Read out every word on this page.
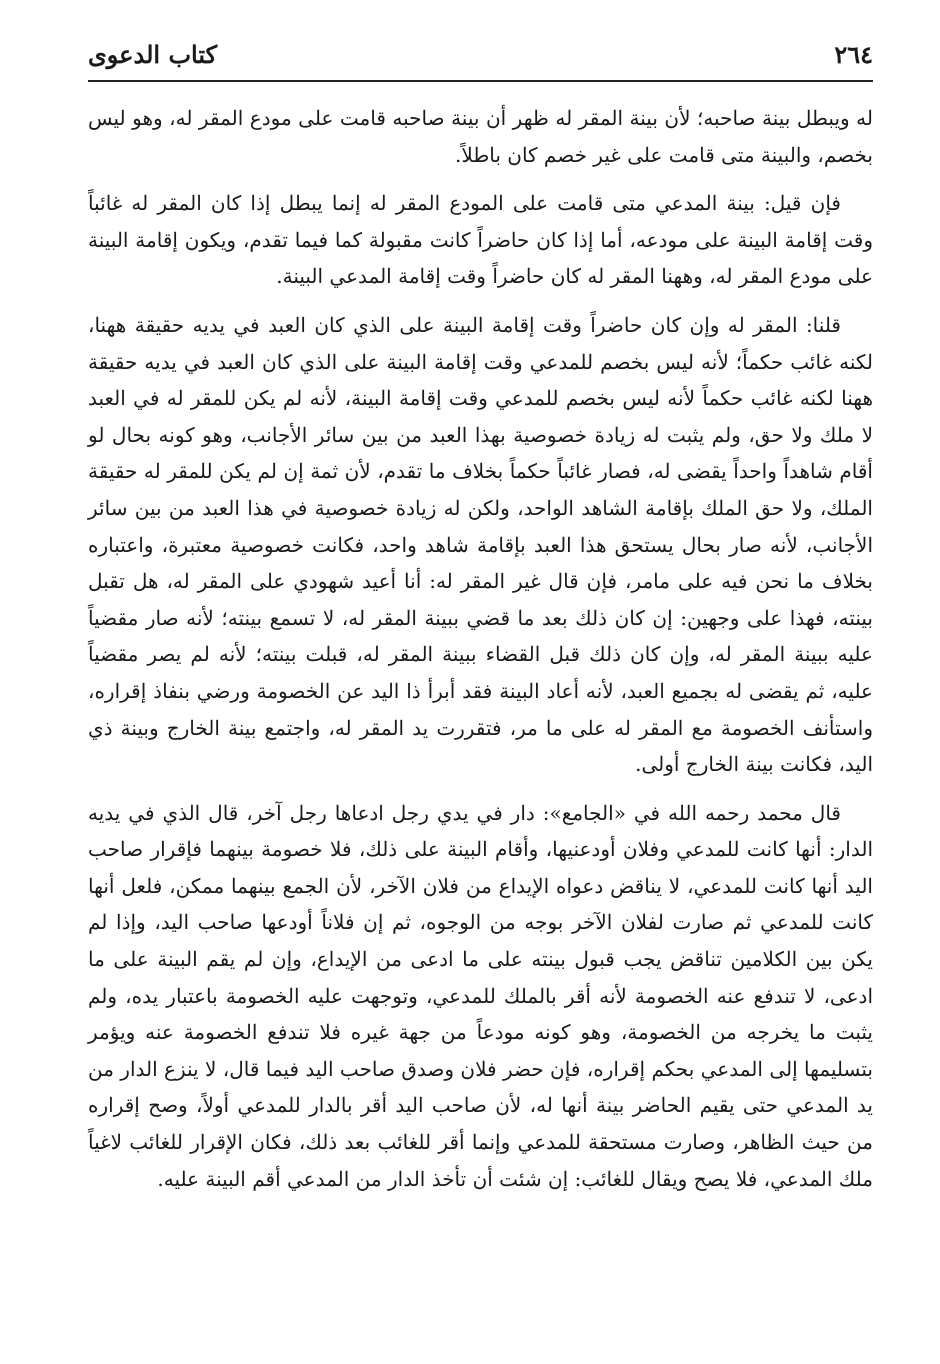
٢٦٤
كتاب الدعوى

له ويبطل بينة صاحبه؛ لأن بينة المقر له ظهر أن بينة صاحبه قامت على مودع المقر له، وهو ليس بخصم، والبينة متى قامت على غير خصم كان باطلاً.

فإن قيل: بينة المدعي متى قامت على المودع المقر له إنما يبطل إذا كان المقر له غائباً وقت إقامة البينة على مودعه، أما إذا كان حاضراً كانت مقبولة كما فيما تقدم، ويكون إقامة البينة على مودع المقر له، وههنا المقر له كان حاضراً وقت إقامة المدعي البينة.

قلنا: المقر له وإن كان حاضراً وقت إقامة البينة على الذي كان العبد في يديه حقيقة ههنا، لكنه غائب حكماً؛ لأنه ليس بخصم للمدعي وقت إقامة البينة على الذي كان العبد في يديه حقيقة ههنا لكنه غائب حكماً لأنه ليس بخصم للمدعي وقت إقامة البينة، لأنه لم يكن للمقر له في العبد لا ملك ولا حق، ولم يثبت له زيادة خصوصية بهذا العبد من بين سائر الأجانب، وهو كونه بحال لو أقام شاهداً واحداً يقضى له، فصار غائباً حكماً بخلاف ما تقدم، لأن ثمة إن لم يكن للمقر له حقيقة الملك، ولا حق الملك بإقامة الشاهد الواحد، ولكن له زيادة خصوصية في هذا العبد من بين سائر الأجانب، لأنه صار بحال يستحق هذا العبد بإقامة شاهد واحد، فكانت خصوصية معتبرة، واعتباره بخلاف ما نحن فيه على مامر، فإن قال غير المقر له: أنا أعيد شهودي على المقر له، هل تقبل بينته، فهذا على وجهين: إن كان ذلك بعد ما قضي ببينة المقر له، لا تسمع بينته؛ لأنه صار مقضياً عليه ببينة المقر له، وإن كان ذلك قبل القضاء ببينة المقر له، قبلت بينته؛ لأنه لم يصر مقضياً عليه، ثم يقضى له بجميع العبد، لأنه أعاد البينة فقد أبرأ ذا اليد عن الخصومة ورضي بنفاذ إقراره، واستأنف الخصومة مع المقر له على ما مر، فتقررت يد المقر له، واجتمع بينة الخارج وبينة ذي اليد، فكانت بينة الخارج أولى.

قال محمد رحمه الله في «الجامع»: دار في يدي رجل ادعاها رجل آخر، قال الذي في يديه الدار: أنها كانت للمدعي وفلان أودعنيها، وأقام البينة على ذلك، فلا خصومة بينهما فإقرار صاحب اليد أنها كانت للمدعي، لا يناقض دعواه الإيداع من فلان الآخر، لأن الجمع بينهما ممكن، فلعل أنها كانت للمدعي ثم صارت لفلان الآخر بوجه من الوجوه، ثم إن فلاناً أودعها صاحب اليد، وإذا لم يكن بين الكلامين تناقض يجب قبول بينته على ما ادعى من الإيداع، وإن لم يقم البينة على ما ادعى، لا تندفع عنه الخصومة لأنه أقر بالملك للمدعي، وتوجهت عليه الخصومة باعتبار يده، ولم يثبت ما يخرجه من الخصومة، وهو كونه مودعاً من جهة غيره فلا تندفع الخصومة عنه ويؤمر بتسليمها إلى المدعي بحكم إقراره، فإن حضر فلان وصدق صاحب اليد فيما قال، لا ينزع الدار من يد المدعي حتى يقيم الحاضر بينة أنها له، لأن صاحب اليد أقر بالدار للمدعي أولاً، وصح إقراره من حيث الظاهر، وصارت مستحقة للمدعي وإنما أقر للغائب بعد ذلك، فكان الإقرار للغائب لاغياً ملك المدعي، فلا يصح ويقال للغائب: إن شئت أن تأخذ الدار من المدعي أقم البينة عليه.
